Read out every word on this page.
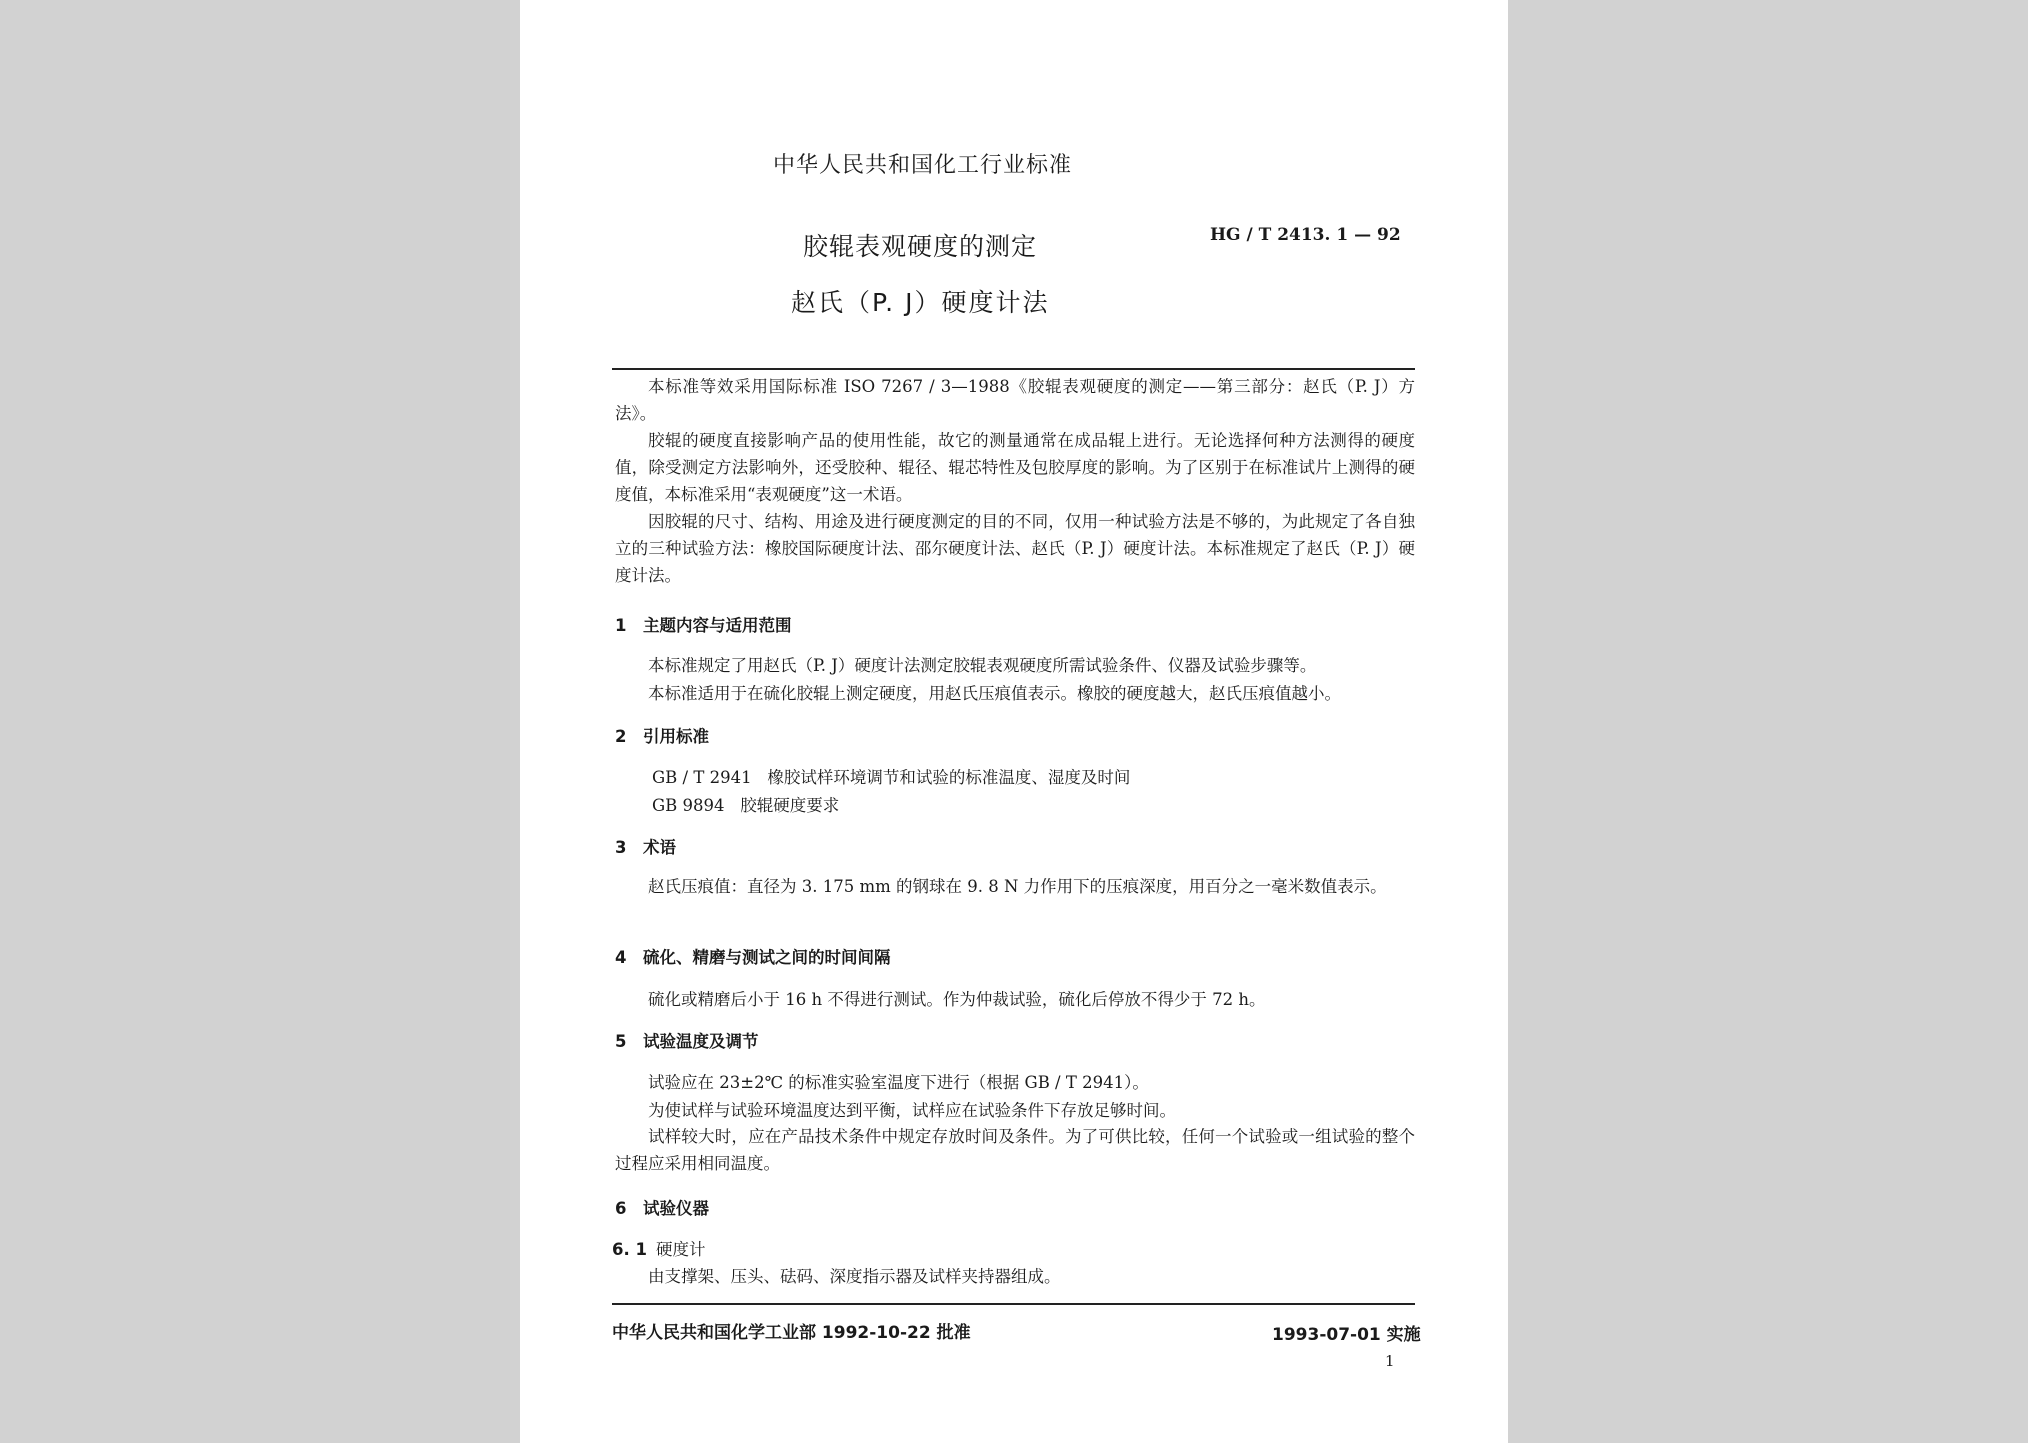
中华人民共和国化工行业标准
胶辊表观硬度的测定
赵氏（P. J）硬度计法
HG / T 2413. 1 — 92

本标准等效采用国际标准 ISO 7267 / 3—1988《胶辊表观硬度的测定——第三部分：赵氏（P. J）方法》。

胶辊的硬度直接影响产品的使用性能，故它的测量通常在成品辊上进行。无论选择何种方法测得的硬度值，除受测定方法影响外，还受胶种、辊径、辊芯特性及包胶厚度的影响。为了区别于在标准试片上测得的硬度值，本标准采用“表观硬度”这一术语。

因胶辊的尺寸、结构、用途及进行硬度测定的目的不同，仅用一种试验方法是不够的，为此规定了各自独立的三种试验方法：橡胶国际硬度计法、邵尔硬度计法、赵氏（P. J）硬度计法。本标准规定了赵氏（P. J）硬度计法。

1 主题内容与适用范围
本标准规定了用赵氏（P. J）硬度计法测定胶辊表观硬度所需试验条件、仪器及试验步骤等。
本标准适用于在硫化胶辊上测定硬度，用赵氏压痕值表示。橡胶的硬度越大，赵氏压痕值越小。
2 引用标准
GB / T 2941 橡胶试样环境调节和试验的标准温度、湿度及时间
GB 9894 胶辊硬度要求
3 术语

赵氏压痕值：直径为 3. 175 mm 的钢球在 9. 8 N 力作用下的压痕深度，用百分之一毫米数值表示。

4 硫化、精磨与测试之间的时间间隔
硫化或精磨后小于 16 h 不得进行测试。作为仲裁试验，硫化后停放不得少于 72 h。
5 试验温度及调节
试验应在 23±2℃ 的标准实验室温度下进行（根据 GB / T 2941）。
为使试样与试验环境温度达到平衡，试样应在试验条件下存放足够时间。

试样较大时，应在产品技术条件中规定存放时间及条件。为了可供比较，任何一个试验或一组试验的整个过程应采用相同温度。

6 试验仪器
6. 1 硬度计
由支撑架、压头、砝码、深度指示器及试样夹持器组成。
中华人民共和国化学工业部 1992-10-22 批准	1993-07-01 实施
1
